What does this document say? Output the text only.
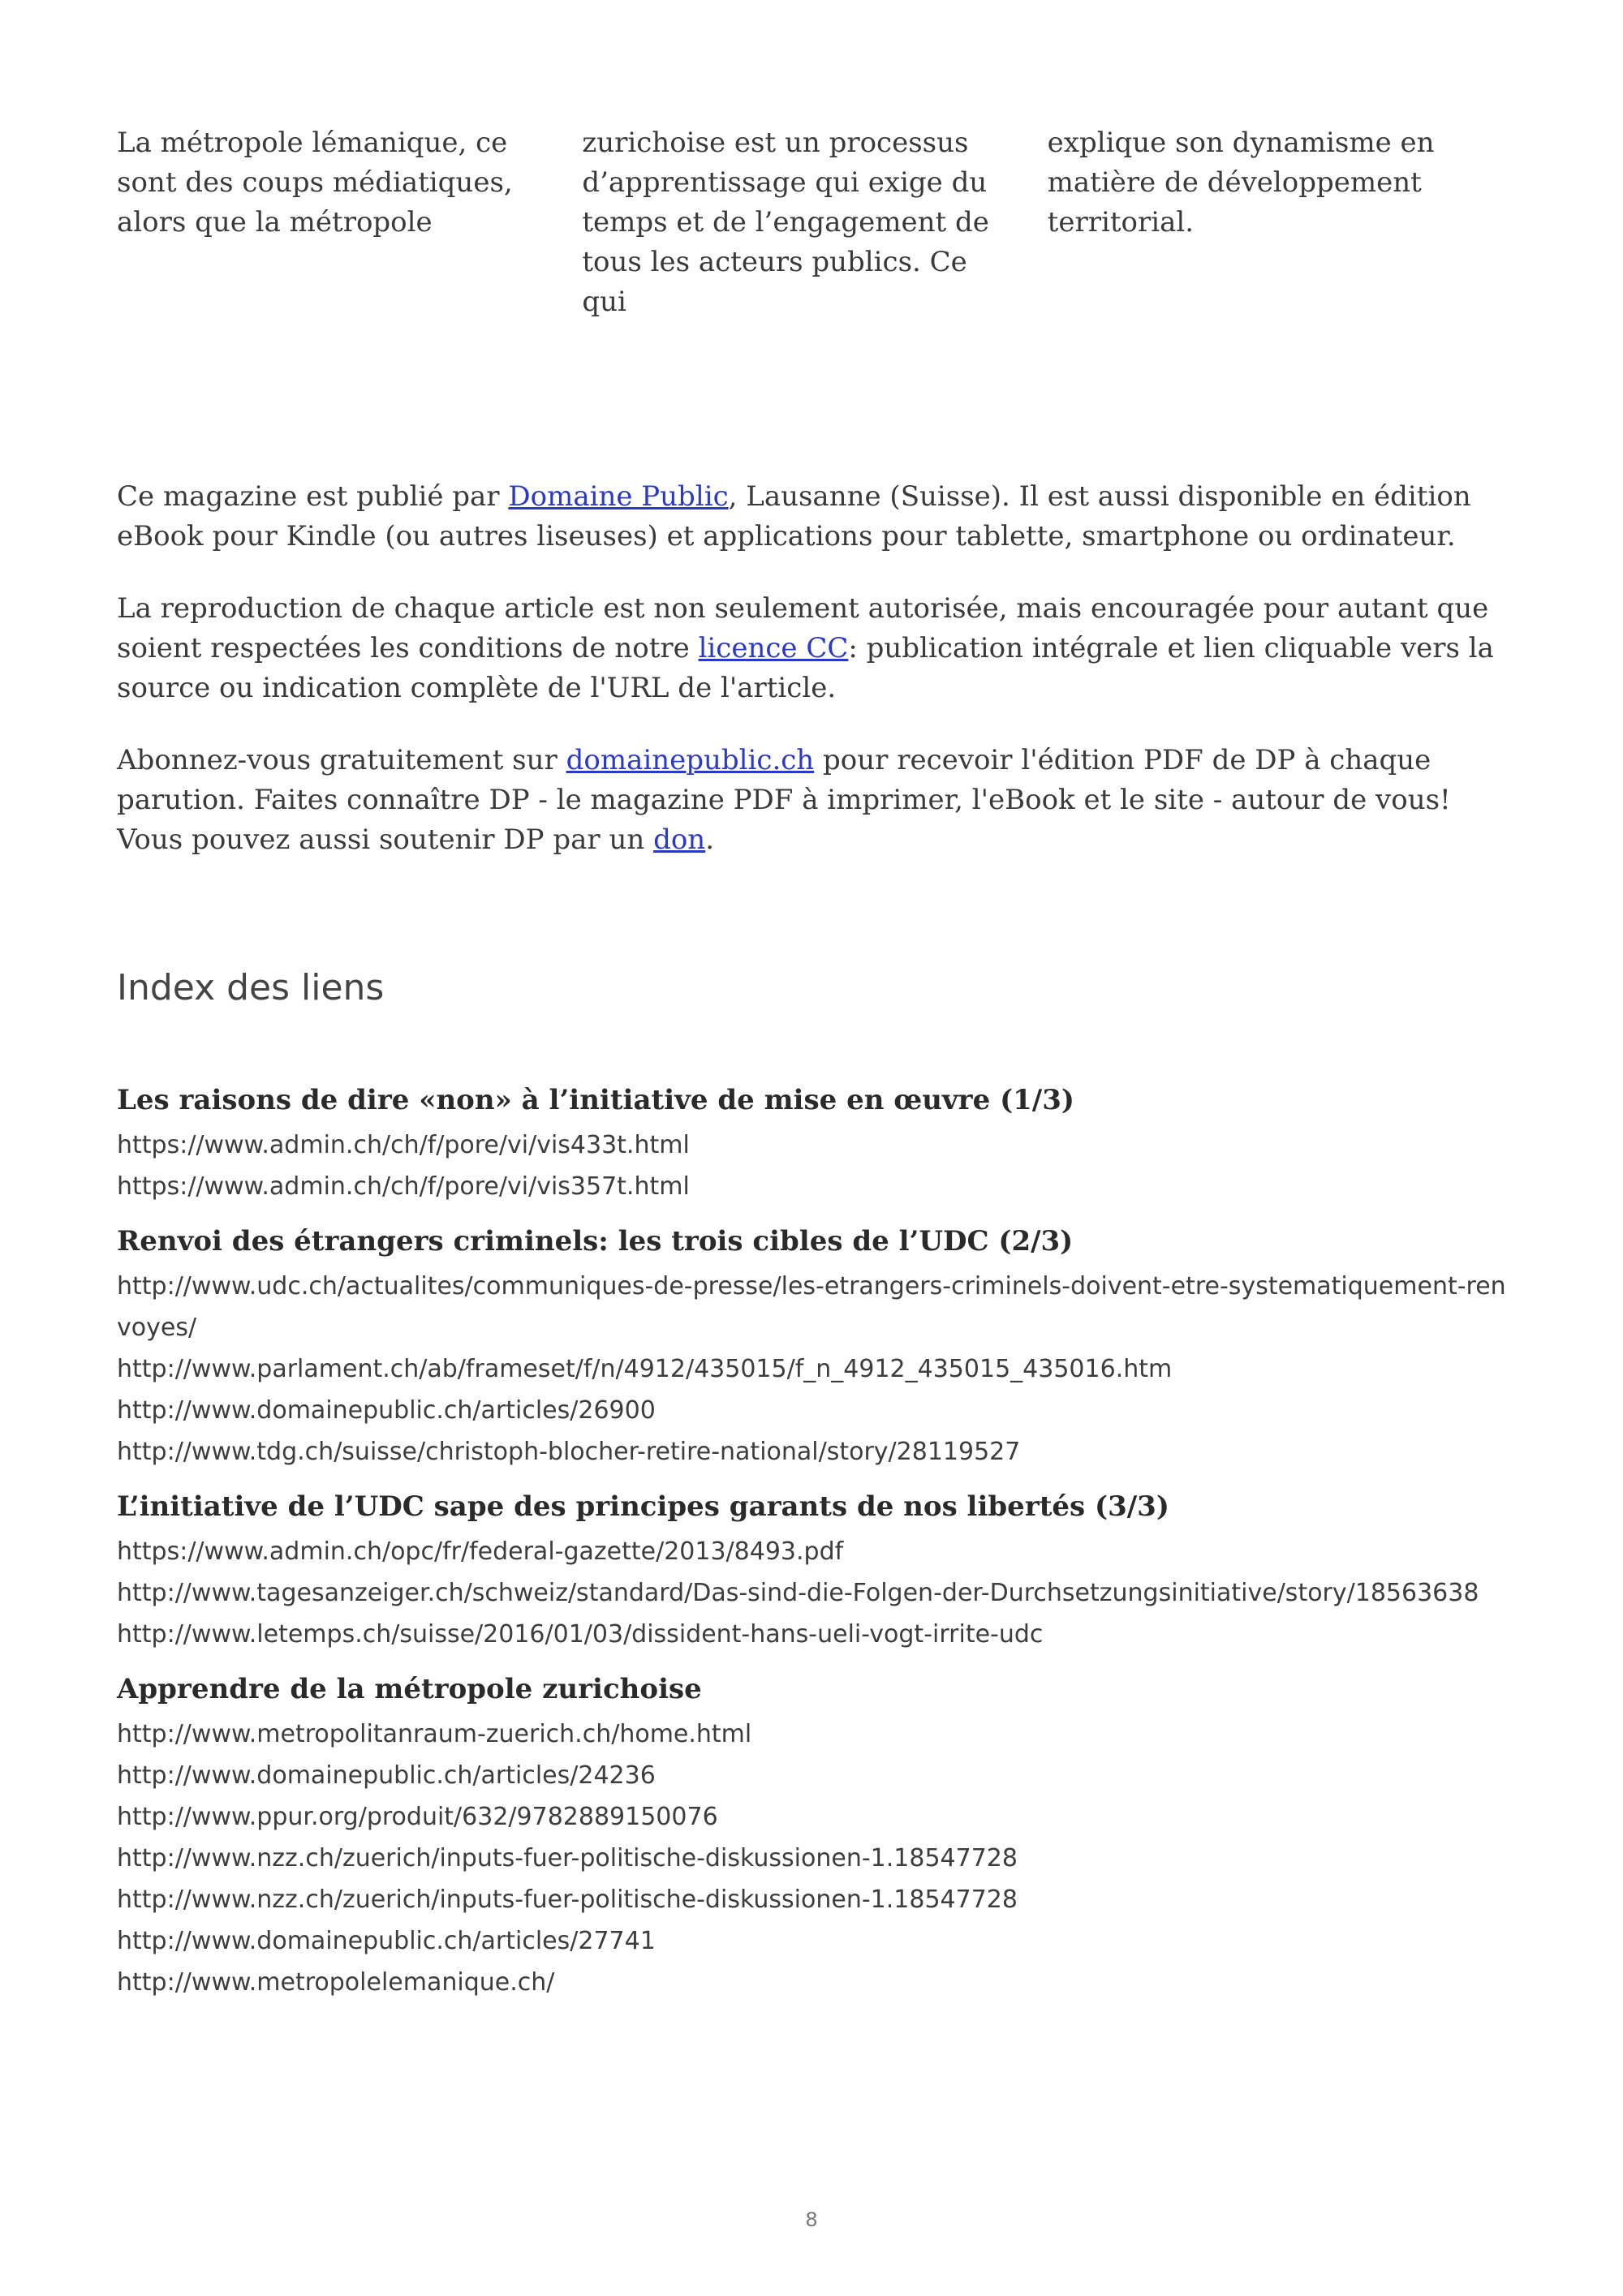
La métropole lémanique, ce sont des coups médiatiques, alors que la métropole

zurichoise est un processus d’apprentissage qui exige du temps et de l’engagement de tous les acteurs publics. Ce qui

explique son dynamisme en matière de développement territorial.

Ce magazine est publié par Domaine Public, Lausanne (Suisse). Il est aussi disponible en édition eBook pour Kindle (ou autres liseuses) et applications pour tablette, smartphone ou ordinateur.

La reproduction de chaque article est non seulement autorisée, mais encouragée pour autant que soient respectées les conditions de notre licence CC: publication intégrale et lien cliquable vers la source ou indication complète de l'URL de l'article.

Abonnez-vous gratuitement sur domainepublic.ch pour recevoir l'édition PDF de DP à chaque parution. Faites connaître DP - le magazine PDF à imprimer, l'eBook et le site - autour de vous! Vous pouvez aussi soutenir DP par un don.

Index des liens
Les raisons de dire «non» à l’initiative de mise en œuvre (1/3)
https://www.admin.ch/ch/f/pore/vi/vis433t.html
https://www.admin.ch/ch/f/pore/vi/vis357t.html
Renvoi des étrangers criminels: les trois cibles de l’UDC (2/3)
http://www.udc.ch/actualites/communiques-de-presse/les-etrangers-criminels-doivent-etre-systematiquement-renvoyes/
http://www.parlament.ch/ab/frameset/f/n/4912/435015/f_n_4912_435015_435016.htm
http://www.domainepublic.ch/articles/26900
http://www.tdg.ch/suisse/christoph-blocher-retire-national/story/28119527
L’initiative de l’UDC sape des principes garants de nos libertés (3/3)
https://www.admin.ch/opc/fr/federal-gazette/2013/8493.pdf
http://www.tagesanzeiger.ch/schweiz/standard/Das-sind-die-Folgen-der-Durchsetzungsinitiative/story/18563638
http://www.letemps.ch/suisse/2016/01/03/dissident-hans-ueli-vogt-irrite-udc
Apprendre de la métropole zurichoise
http://www.metropolitanraum-zuerich.ch/home.html
http://www.domainepublic.ch/articles/24236
http://www.ppur.org/produit/632/9782889150076
http://www.nzz.ch/zuerich/inputs-fuer-politische-diskussionen-1.18547728
http://www.nzz.ch/zuerich/inputs-fuer-politische-diskussionen-1.18547728
http://www.domainepublic.ch/articles/27741
http://www.metropolelemanique.ch/
8
